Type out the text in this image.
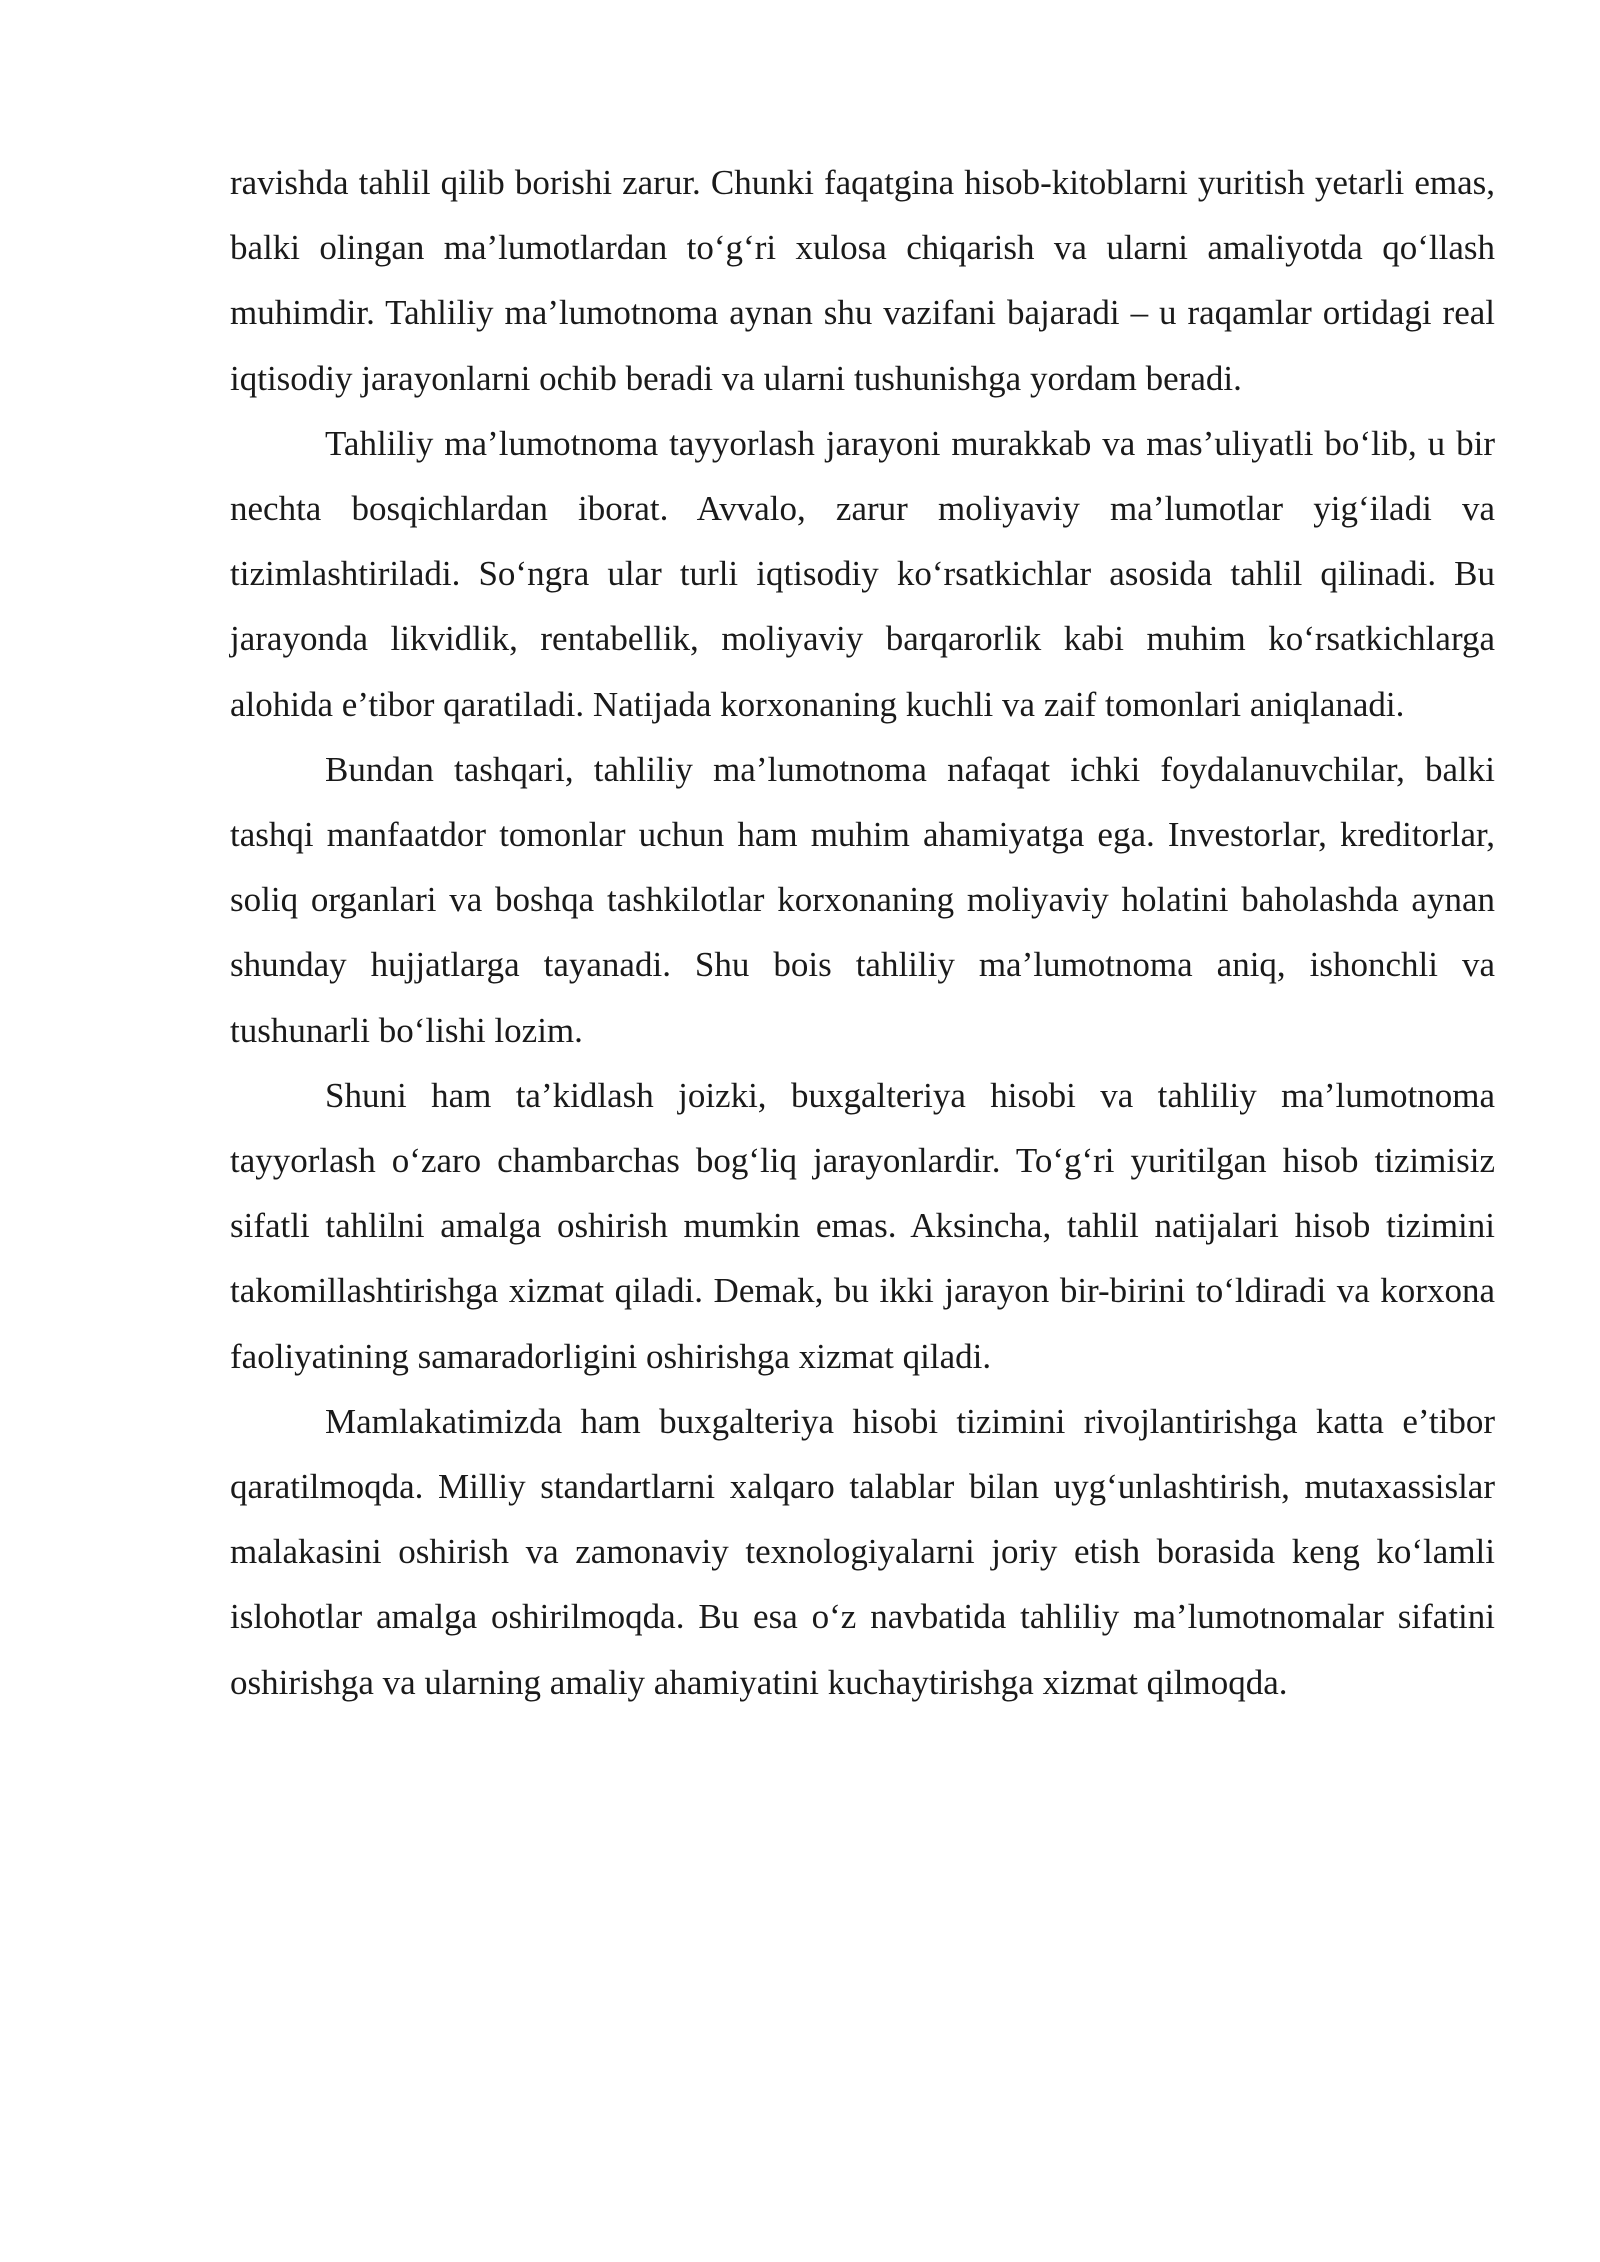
ravishda tahlil qilib borishi zarur. Chunki faqatgina hisob-kitoblarni yuritish yetarli emas, balki olingan ma’lumotlardan to‘g‘ri xulosa chiqarish va ularni amaliyotda qo‘llash muhimdir. Tahliliy ma’lumotnoma aynan shu vazifani bajaradi – u raqamlar ortidagi real iqtisodiy jarayonlarni ochib beradi va ularni tushunishga yordam beradi.

Tahliliy ma’lumotnoma tayyorlash jarayoni murakkab va mas’uliyatli bo‘lib, u bir nechta bosqichlardan iborat. Avvalo, zarur moliyaviy ma’lumotlar yig‘iladi va tizimlashtiriladi. So‘ngra ular turli iqtisodiy ko‘rsatkichlar asosida tahlil qilinadi. Bu jarayonda likvidlik, rentabellik, moliyaviy barqarorlik kabi muhim ko‘rsatkichlarga alohida e’tibor qaratiladi. Natijada korxonaning kuchli va zaif tomonlari aniqlanadi.

Bundan tashqari, tahliliy ma’lumotnoma nafaqat ichki foydalanuvchilar, balki tashqi manfaatdor tomonlar uchun ham muhim ahamiyatga ega. Investorlar, kreditorlar, soliq organlari va boshqa tashkilotlar korxonaning moliyaviy holatini baholashda aynan shunday hujjatlarga tayanadi. Shu bois tahliliy ma’lumotnoma aniq, ishonchli va tushunarli bo‘lishi lozim.

Shuni ham ta’kidlash joizki, buxgalteriya hisobi va tahliliy ma’lumotnoma tayyorlash o‘zaro chambarchas bog‘liq jarayonlardir. To‘g‘ri yuritilgan hisob tizimisiz sifatli tahlilni amalga oshirish mumkin emas. Aksincha, tahlil natijalari hisob tizimini takomillashtirishga xizmat qiladi. Demak, bu ikki jarayon bir-birini to‘ldiradi va korxona faoliyatining samaradorligini oshirishga xizmat qiladi.

Mamlakatimizda ham buxgalteriya hisobi tizimini rivojlantirishga katta e’tibor qaratilmoqda. Milliy standartlarni xalqaro talablar bilan uyg‘unlashtirish, mutaxassislar malakasini oshirish va zamonaviy texnologiyalarni joriy etish borasida keng ko‘lamli islohotlar amalga oshirilmoqda. Bu esa o‘z navbatida tahliliy ma’lumotnomalar sifatini oshirishga va ularning amaliy ahamiyatini kuchaytirishga xizmat qilmoqda.
